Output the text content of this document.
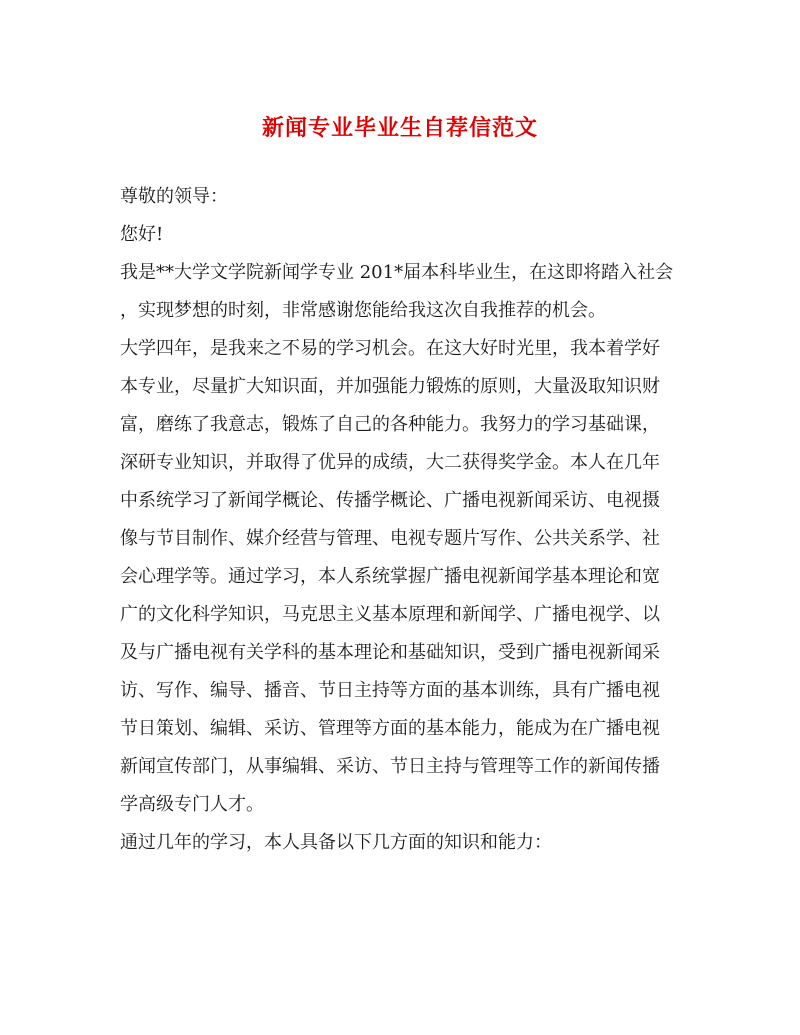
新闻专业毕业生自荐信范文
尊敬的领导：
您好!
我是**大学文学院新闻学专业 201*届本科毕业生，在这即将踏入社会
，实现梦想的时刻，非常感谢您能给我这次自我推荐的机会。
大学四年，是我来之不易的学习机会。在这大好时光里，我本着学好
本专业，尽量扩大知识面，并加强能力锻炼的原则，大量汲取知识财
富，磨练了我意志，锻炼了自己的各种能力。我努力的学习基础课，
深研专业知识，并取得了优异的成绩，大二获得奖学金。本人在几年
中系统学习了新闻学概论、传播学概论、广播电视新闻采访、电视摄
像与节目制作、媒介经营与管理、电视专题片写作、公共关系学、社
会心理学等。通过学习，本人系统掌握广播电视新闻学基本理论和宽
广的文化科学知识，马克思主义基本原理和新闻学、广播电视学、以
及与广播电视有关学科的基本理论和基础知识，受到广播电视新闻采
访、写作、编导、播音、节日主持等方面的基本训练，具有广播电视
节日策划、编辑、采访、管理等方面的基本能力，能成为在广播电视
新闻宣传部门，从事编辑、采访、节日主持与管理等工作的新闻传播
学高级专门人才。
通过几年的学习，本人具备以下几方面的知识和能力：
